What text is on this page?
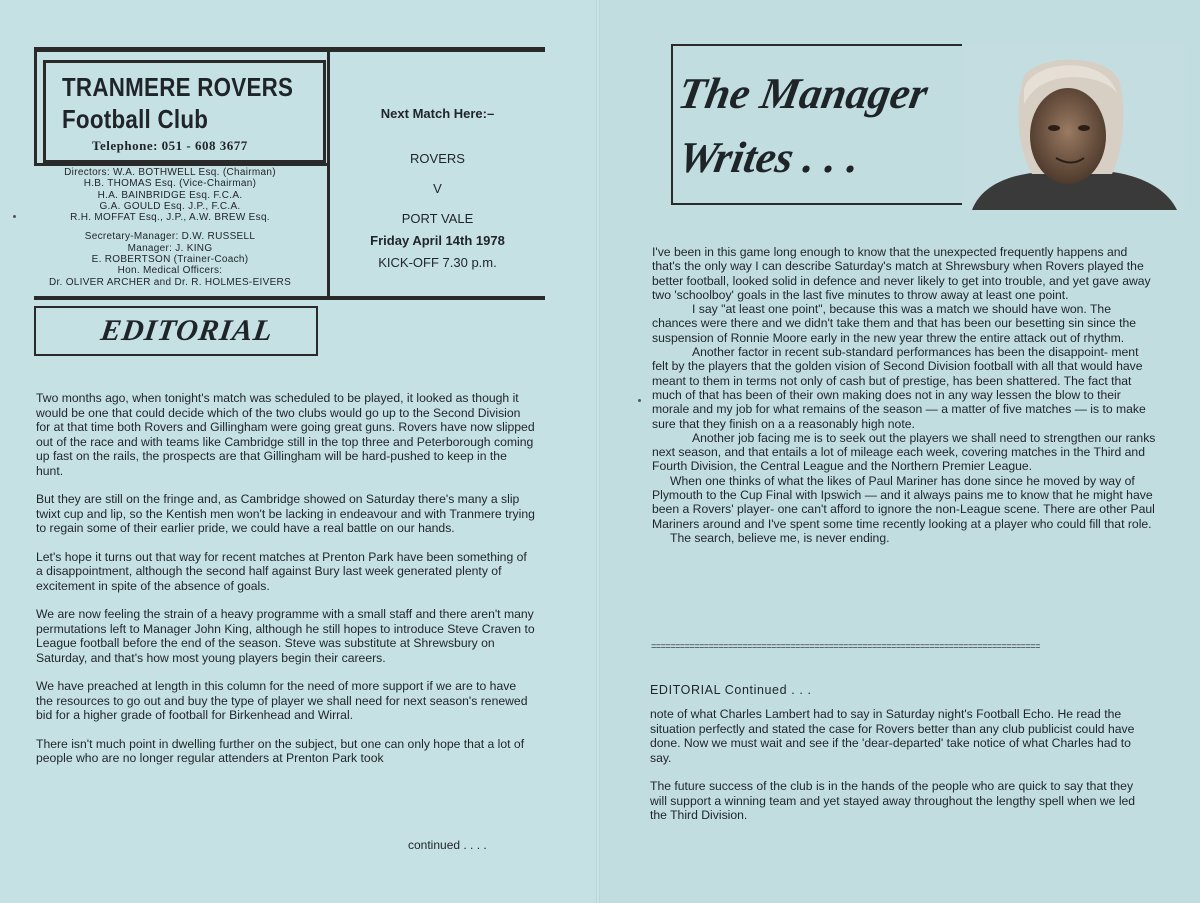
TRANMERE ROVERS
Football Club
Telephone: 051 - 608 3677
Directors: W.A. BOTHWELL Esq. (Chairman)
H.B. THOMAS Esq. (Vice-Chairman)
H.A. BAINBRIDGE Esq. F.C.A.
G.A. GOULD Esq. J.P., F.C.A.
R.H. MOFFAT Esq., J.P., A.W. BREW Esq.
Secretary-Manager: D.W. RUSSELL
Manager: J. KING
E. ROBERTSON (Trainer-Coach)
Hon. Medical Officers:
Dr. OLIVER ARCHER and Dr. R. HOLMES-EIVERS
Next Match Here:–
ROVERS
V
PORT VALE
Friday April 14th 1978
KICK-OFF 7.30 p.m.
EDITORIAL

Two months ago, when tonight's match was scheduled to be played, it looked as though it would be one that could decide which of the two clubs would go up to the Second Division for at that time both Rovers and Gillingham were going great guns. Rovers have now slipped out of the race and with teams like Cambridge still in the top three and Peterborough coming up fast on the rails, the prospects are that Gillingham will be hard-pushed to keep in the hunt.

But they are still on the fringe and, as Cambridge showed on Saturday there's many a slip twixt cup and lip, so the Kentish men won't be lacking in endeavour and with Tranmere trying to regain some of their earlier pride, we could have a real battle on our hands.

Let's hope it turns out that way for recent matches at Prenton Park have been something of a disappointment, although the second half against Bury last week generated plenty of excitement in spite of the absence of goals.

We are now feeling the strain of a heavy programme with a small staff and there aren't many permutations left to Manager John King, although he still hopes to introduce Steve Craven to League football before the end of the season. Steve was substitute at Shrewsbury on Saturday, and that's how most young players begin their careers.

We have preached at length in this column for the need of more support if we are to have the resources to go out and buy the type of player we shall need for next season's renewed bid for a higher grade of football for Birkenhead and Wirral.

There isn't much point in dwelling further on the subject, but one can only hope that a lot of people who are no longer regular attenders at Prenton Park took

continued . . . .
The Manager
Writes . . .

I've been in this game long enough to know that the unexpected frequently happens and that's the only way I can describe Saturday's match at Shrewsbury when Rovers played the better football, looked solid in defence and never likely to get into trouble, and yet gave away two 'schoolboy' goals in the last five minutes to throw away at least one point.

I say "at least one point", because this was a match we should have won. The chances were there and we didn't take them and that has been our besetting sin since the suspension of Ronnie Moore early in the new year threw the entire attack out of rhythm.

Another factor in recent sub-standard performances has been the disappoint- ment felt by the players that the golden vision of Second Division football with all that would have meant to them in terms not only of cash but of prestige, has been shattered. The fact that much of that has been of their own making does not in any way lessen the blow to their morale and my job for what remains of the season — a matter of five matches — is to make sure that they finish on a a reasonably high note.

Another job facing me is to seek out the players we shall need to strengthen our ranks next season, and that entails a lot of mileage each week, covering matches in the Third and Fourth Division, the Central League and the Northern Premier League.

When one thinks of what the likes of Paul Mariner has done since he moved by way of Plymouth to the Cup Final with Ipswich — and it always pains me to know that he might have been a Rovers' player- one can't afford to ignore the non-League scene. There are other Paul Mariners around and I've spent some time recently looking at a player who could fill that role.

The search, believe me, is never ending.

=================================================================================
EDITORIAL Continued . . .

note of what Charles Lambert had to say in Saturday night's Football Echo. He read the situation perfectly and stated the case for Rovers better than any club publicist could have done. Now we must wait and see if the 'dear-departed' take notice of what Charles had to say.

The future success of the club is in the hands of the people who are quick to say that they will support a winning team and yet stayed away throughout the lengthy spell when we led the Third Division.
